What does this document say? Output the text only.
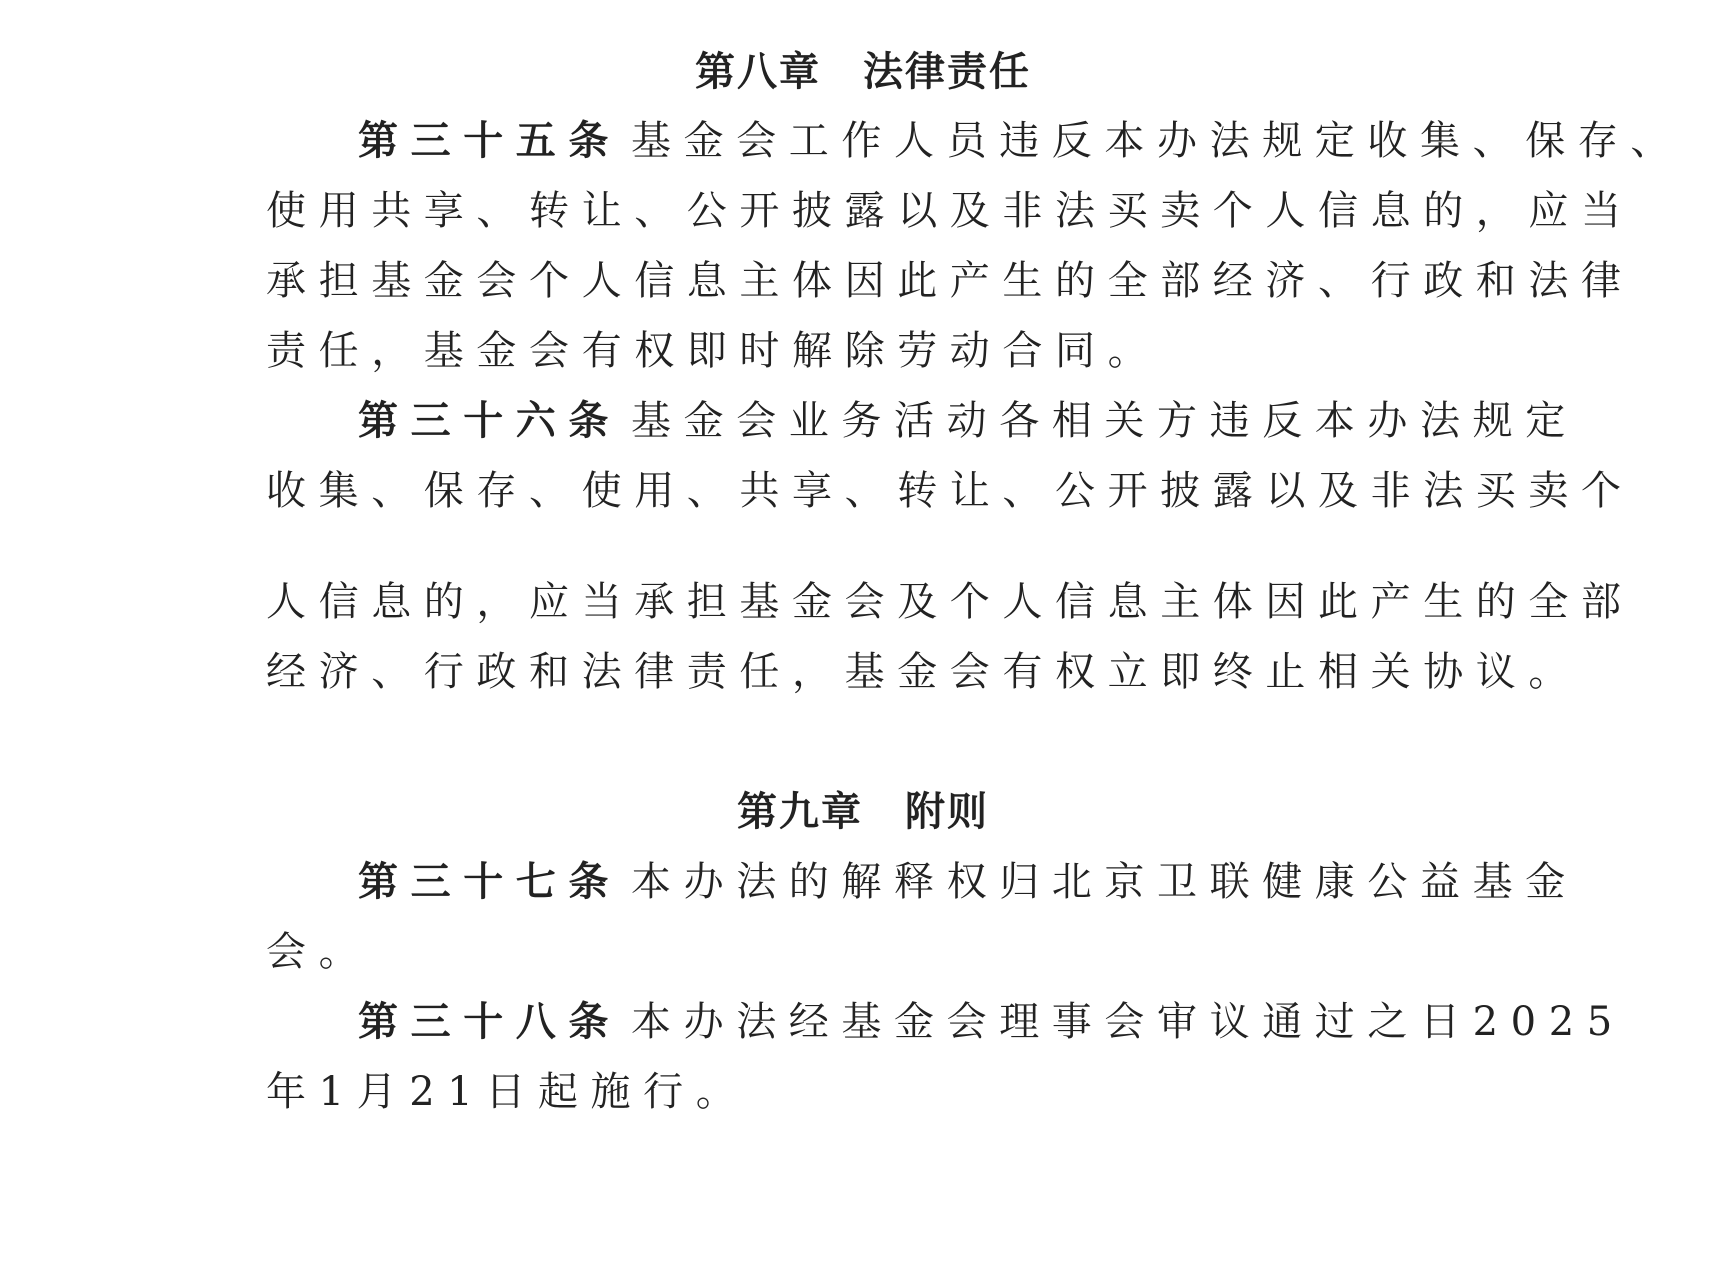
第八章　法律责任
第三十五条 基金会工作人员违反本办法规定收集、保存、
使用共享、转让、公开披露以及非法买卖个人信息的，应当
承担基金会个人信息主体因此产生的全部经济、行政和法律
责任，基金会有权即时解除劳动合同。
第三十六条 基金会业务活动各相关方违反本办法规定
收集、保存、使用、共享、转让、公开披露以及非法买卖个
人信息的，应当承担基金会及个人信息主体因此产生的全部
经济、行政和法律责任，基金会有权立即终止相关协议。
第九章　附则
第三十七条 本办法的解释权归北京卫联健康公益基金
会。
第三十八条 本办法经基金会理事会审议通过之日2025
年1月21日起施行。
